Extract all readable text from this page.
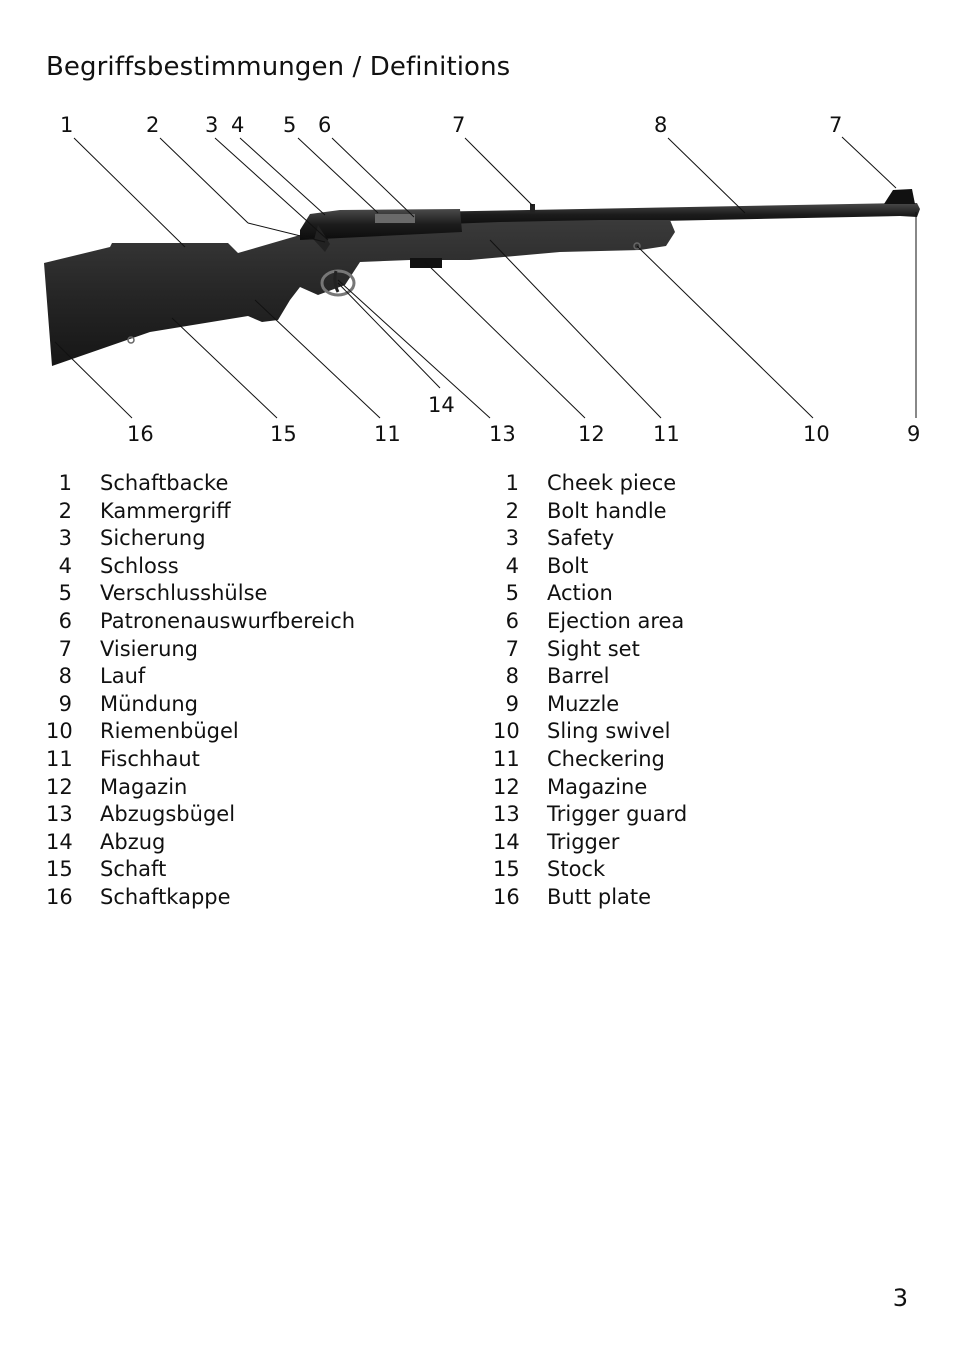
Begriffsbestimmungen / Definitions
1	2 3 4 5 6	7	8	7
14
16	15	11	13	12 11	10	9
1 Schaftbacke
2 Kammergriff
3 Sicherung
4 Schloss
5 Verschlusshülse
6 Patronenauswurfbereich
7 Visierung
8 Lauf
9 Mündung
10 Riemenbügel
11 Fischhaut
12 Magazin
13 Abzugsbügel
14 Abzug
15 Schaft
16 Schaftkappe
1 Cheek piece
2 Bolt handle
3 Safety
4 Bolt
5 Action
6 Ejection area
7 Sight set
8 Barrel
9 Muzzle
10 Sling swivel
11 Checkering
12 Magazine
13 Trigger guard
14 Trigger
15 Stock
16 Butt plate
3
